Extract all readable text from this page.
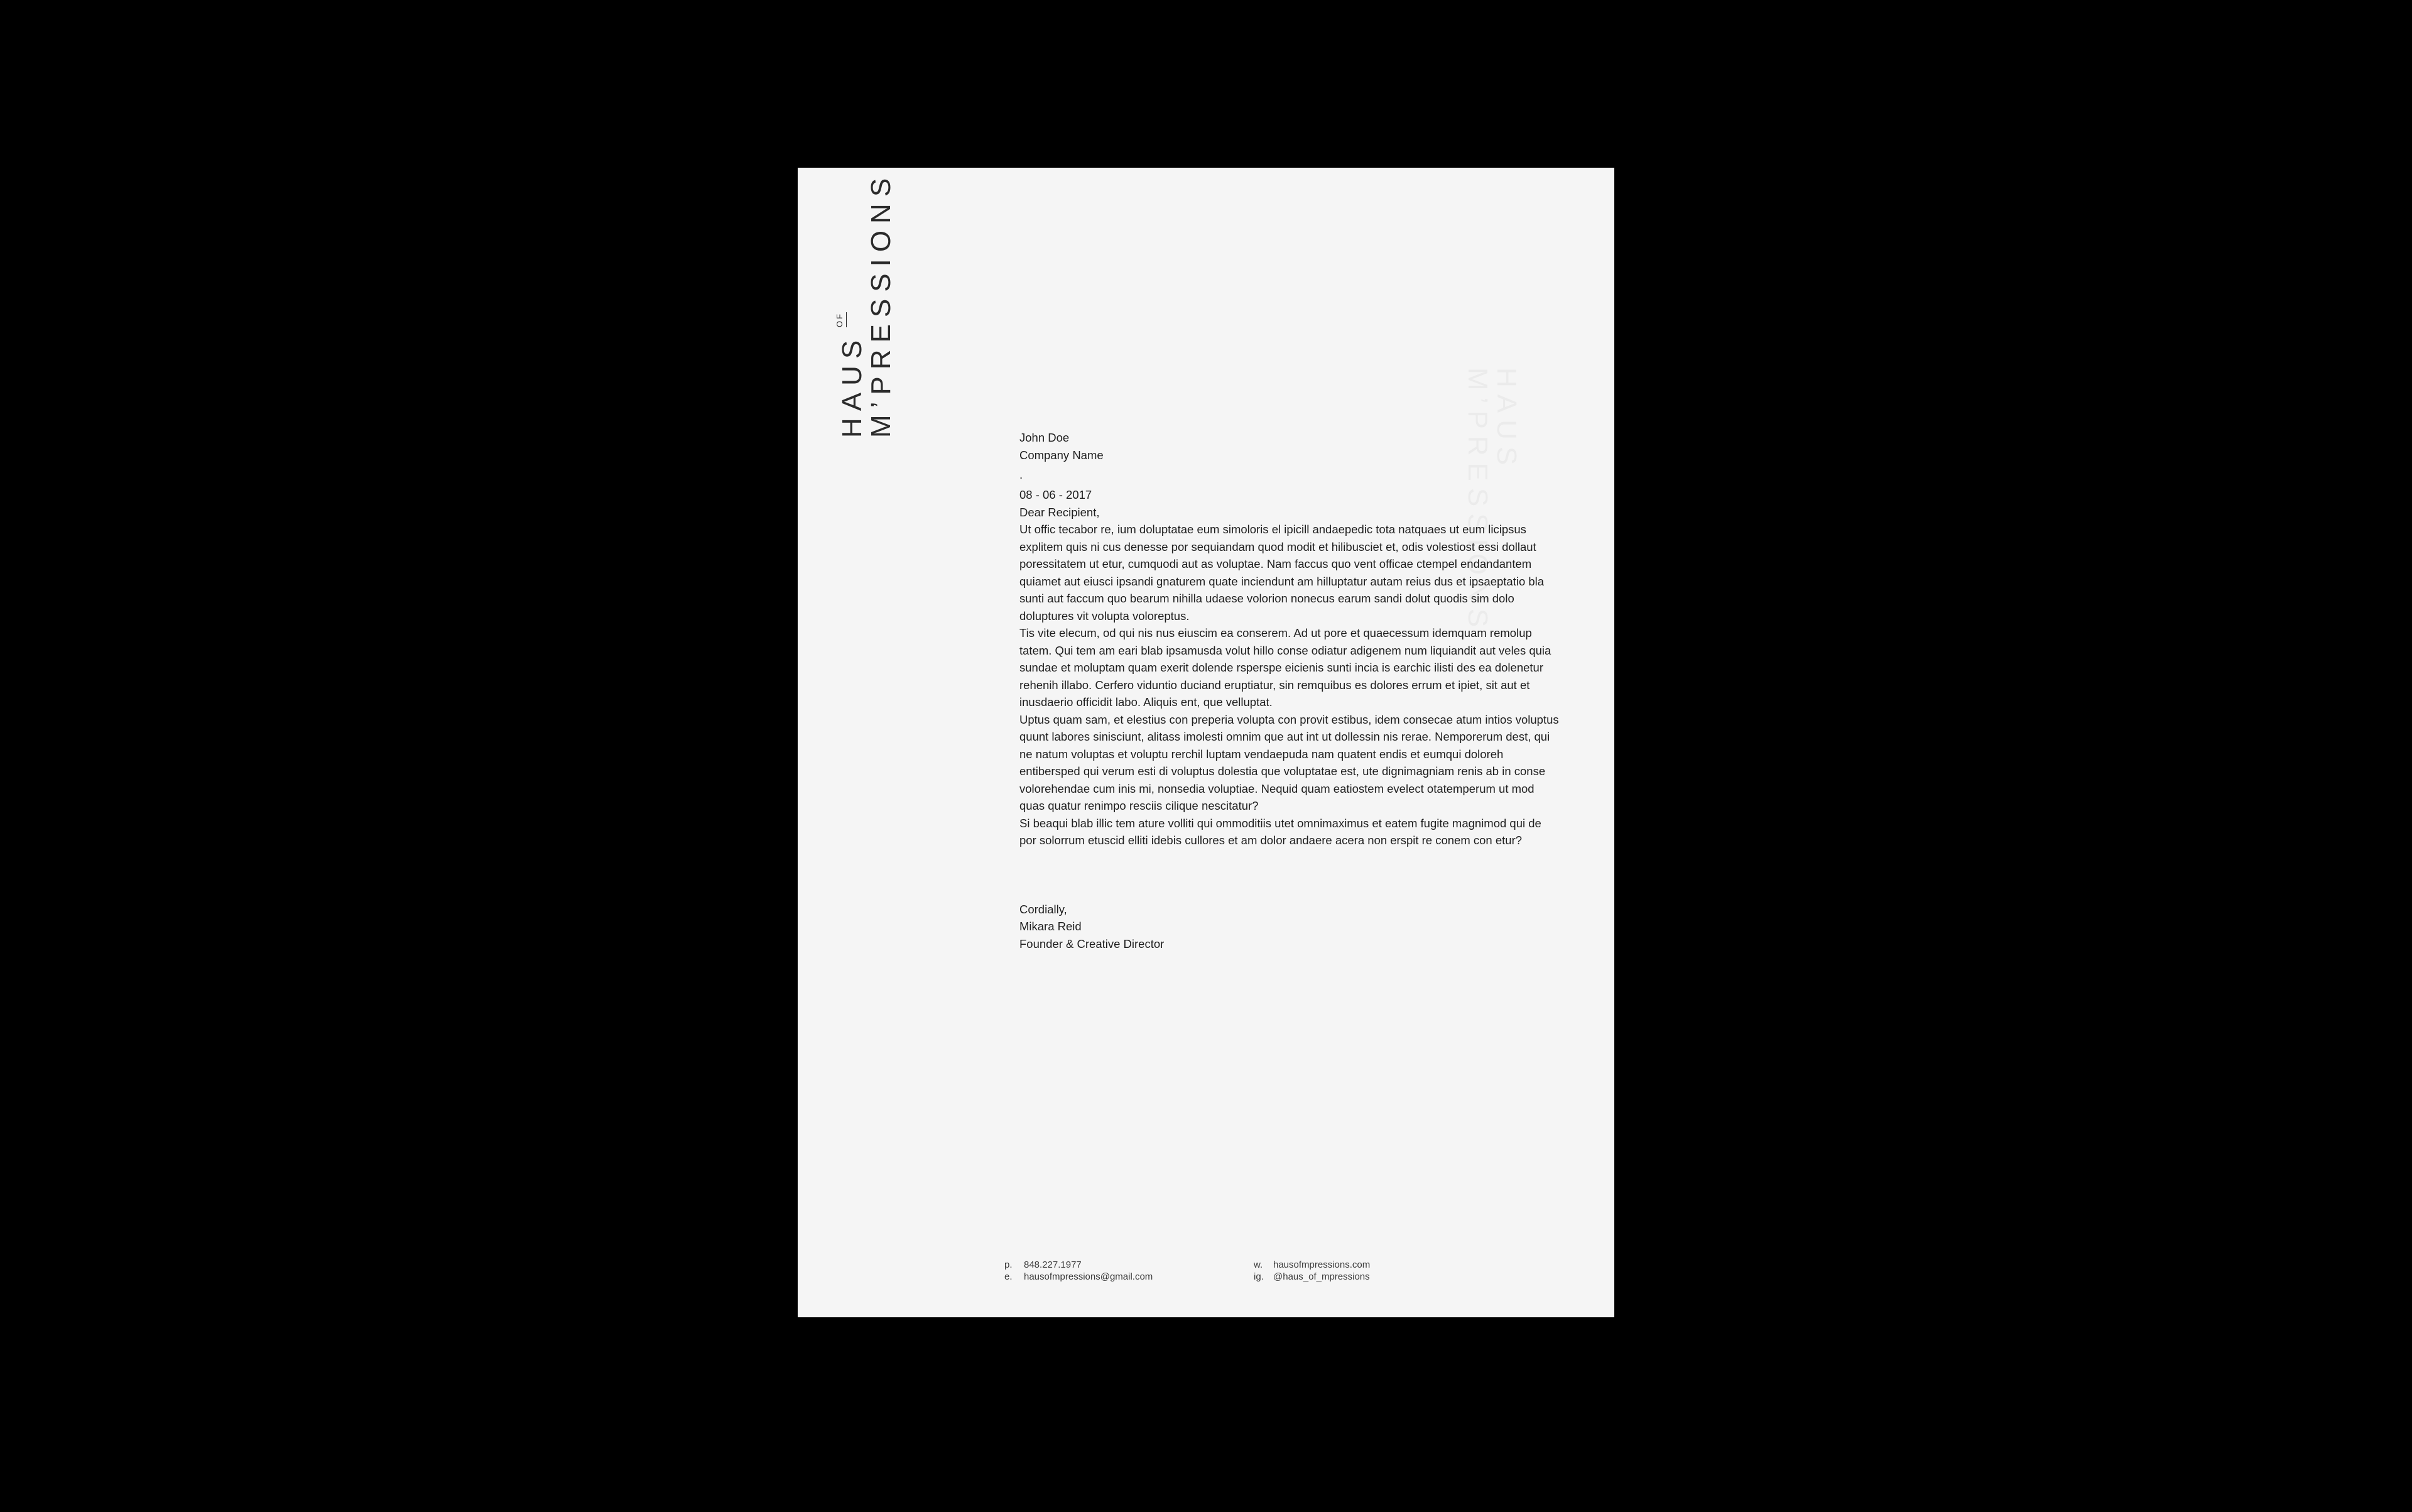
HAUS
M’PRESSIONS
HAUS
OF M’PRESSIONS	John Doe
Company Name
.

08 - 06 - 2017

Dear Recipient,

Ut offic tecabor re, ium doluptatae eum simoloris el ipicill andaepedic tota natquaes ut eum licipsus explitem quis ni cus denesse por sequiandam quod modit et hilibusciet et, odis volestiost essi dollaut poressitatem ut etur, cumquodi aut as voluptae. Nam faccus quo vent officae ctempel endandantem quiamet aut eiusci ipsandi gnaturem quate inciendunt am hilluptatur autam reius dus et ipsaeptatio bla sunti aut faccum quo bearum nihilla udaese volorion nonecus earum sandi dolut quodis sim dolo doluptures vit volupta voloreptus.

Tis vite elecum, od qui nis nus eiuscim ea conserem. Ad ut pore et quaecessum idemquam remolup tatem. Qui tem am eari blab ipsamusda volut hillo conse odiatur adigenem num liquiandit aut veles quia sundae et moluptam quam exerit dolende rsperspe eicienis sunti incia is earchic ilisti des ea dolenetur rehenih illabo. Cerfero viduntio duciand eruptiatur, sin remquibus es dolores errum et ipiet, sit aut et inusdaerio officidit labo. Aliquis ent, que velluptat.

Uptus quam sam, et elestius con preperia volupta con provit estibus, idem consecae atum intios voluptus quunt labores sinisciunt, alitass imolesti omnim que aut int ut dollessin nis rerae. Nemporerum dest, qui ne natum voluptas et voluptu rerchil luptam vendaepuda nam quatent endis et eumqui doloreh entibersped qui verum esti di voluptus dolestia que voluptatae est, ute dignimagniam renis ab in conse volorehendae cum inis mi, nonsedia voluptiae. Nequid quam eatiostem evelect otatemperum ut mod quas quatur renimpo resciis cilique nescitatur?

Si beaqui blab illic tem ature volliti qui ommoditiis utet omnimaximus et eatem fugite magnimod qui de por solorrum etuscid elliti idebis cullores et am dolor andaere acera non erspit re conem con etur?

Cordially,
Mikara Reid
Founder & Creative Director
p.	848.227.1977
e.	hausofmpressions@gmail.com
w.	hausofmpressions.com
ig.	@haus_of_mpressions
